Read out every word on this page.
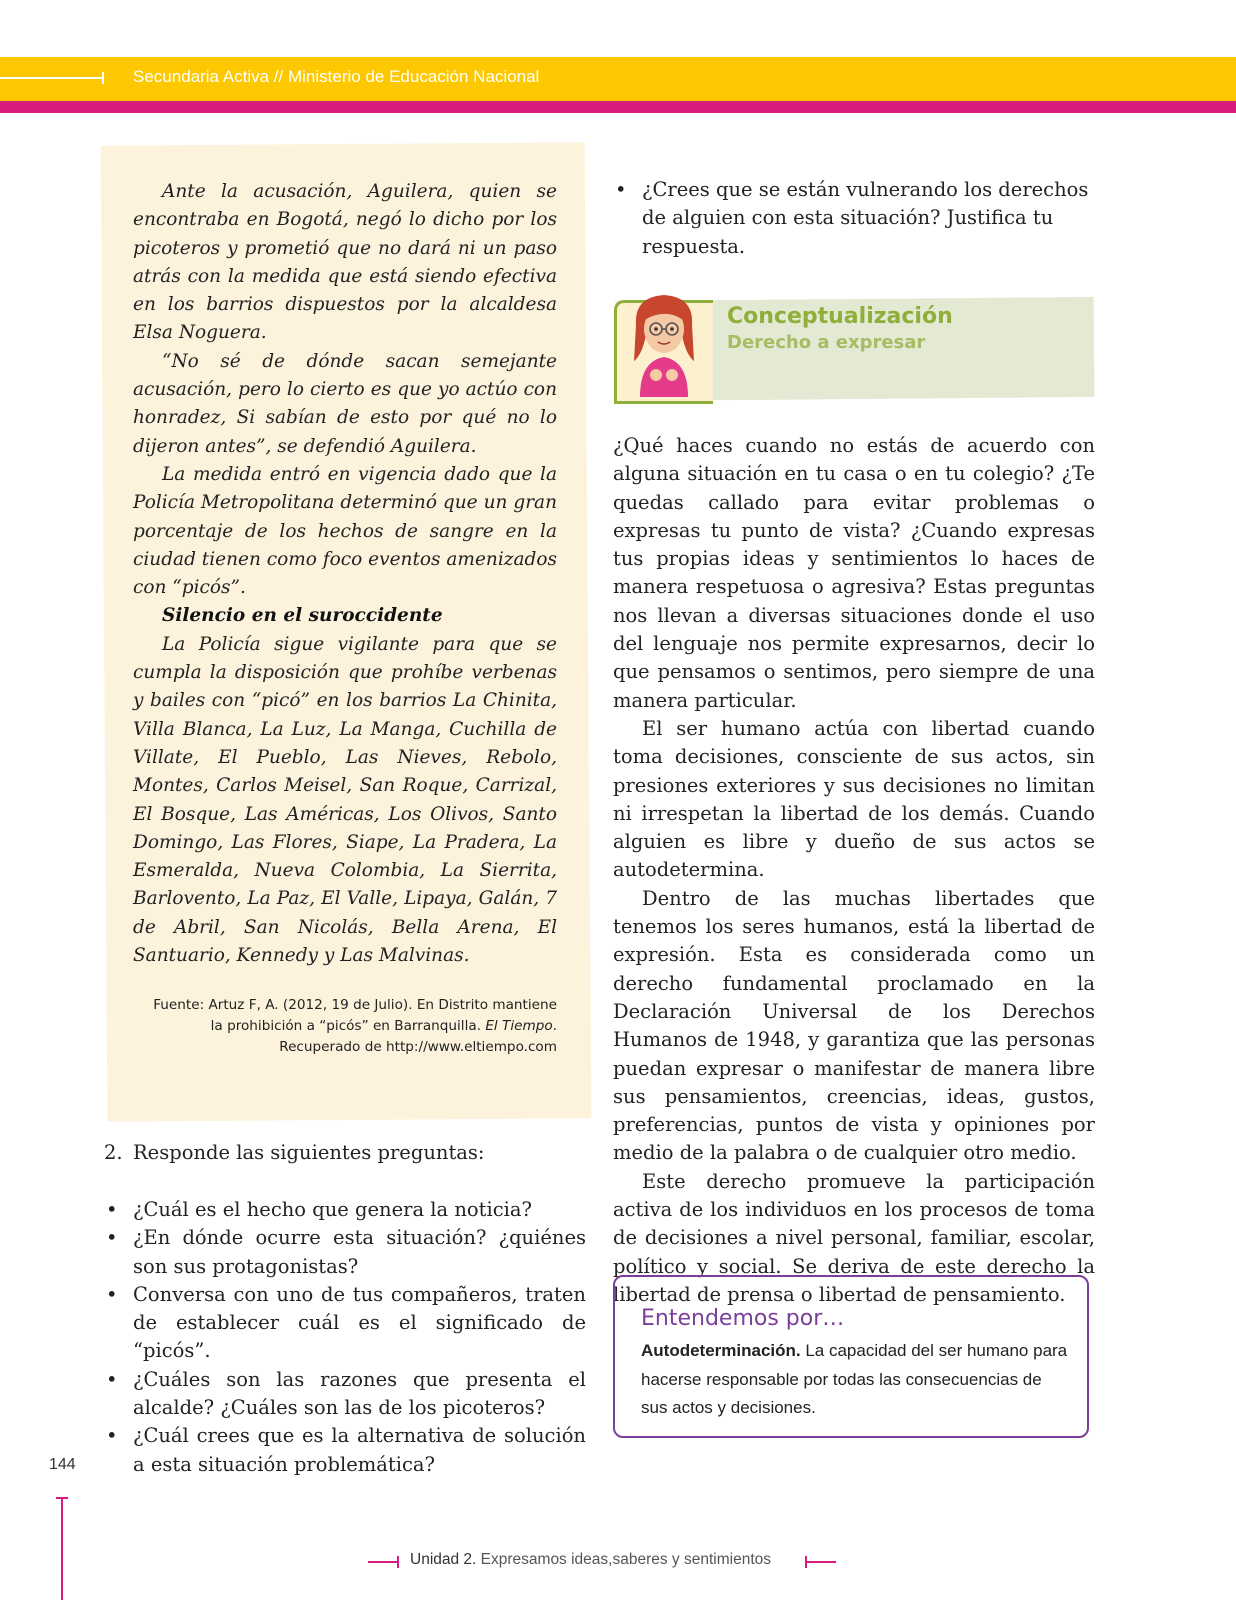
Secundaria Activa // Ministerio de Educación Nacional

Ante la acusación, Aguilera, quien se encontraba en Bogotá, negó lo dicho por los picoteros y prometió que no dará ni un paso atrás con la medida que está siendo efectiva en los barrios dispuestos por la alcaldesa Elsa Noguera.

“No sé de dónde sacan semejante acusación, pero lo cierto es que yo actúo con honradez, Si sabían de esto por qué no lo dijeron antes”, se defendió Aguilera.

La medida entró en vigencia dado que la Policía Metropolitana determinó que un gran porcentaje de los hechos de sangre en la ciudad tienen como foco eventos amenizados con “picós”.

Silencio en el suroccidente

La Policía sigue vigilante para que se cumpla la disposición que prohíbe verbenas y bailes con “picó” en los barrios La Chinita, Villa Blanca, La Luz, La Manga, Cuchilla de Villate, El Pueblo, Las Nieves, Rebolo, Montes, Carlos Meisel, San Roque, Carrizal, El Bosque, Las Américas, Los Olivos, Santo Domingo, Las Flores, Siape, La Pradera, La Esmeralda, Nueva Colombia, La Sierrita, Barlovento, La Paz, El Valle, Lipaya, Galán, 7 de Abril, San Nicolás, Bella Arena, El Santuario, Kennedy y Las Malvinas.

Fuente: Artuz F, A. (2012, 19 de Julio). En Distrito mantiene
la prohibición a “picós” en Barranquilla. El Tiempo.
Recuperado de http://www.eltiempo.com
2. Responde las siguientes preguntas:
• ¿Cuál es el hecho que genera la noticia?
• ¿En dónde ocurre esta situación? ¿quiénes son sus protagonistas?
• Conversa con uno de tus compañeros, traten de establecer cuál es el significado de “picós”.
• ¿Cuáles son las razones que presenta el alcalde? ¿Cuáles son las de los picoteros?
• ¿Cuál crees que es la alternativa de solución a esta situación problemática?
144
• ¿Crees que se están vulnerando los derechos de alguien con esta situación? Justifica tu respuesta.
Conceptualización
Derecho a expresar

¿Qué haces cuando no estás de acuerdo con alguna situación en tu casa o en tu colegio? ¿Te quedas callado para evitar problemas o expresas tu punto de vista? ¿Cuando expresas tus propias ideas y sentimientos lo haces de manera respetuosa o agresiva? Estas preguntas nos llevan a diversas situaciones donde el uso del lenguaje nos permite expresarnos, decir lo que pensamos o sentimos, pero siempre de una manera particular.

El ser humano actúa con libertad cuando toma decisiones, consciente de sus actos, sin presiones exteriores y sus decisiones no limitan ni irrespetan la libertad de los demás. Cuando alguien es libre y dueño de sus actos se autodetermina.

Dentro de las muchas libertades que tenemos los seres humanos, está la libertad de expresión. Esta es considerada como un derecho fundamental proclamado en la Declaración Universal de los Derechos Humanos de 1948, y garantiza que las personas puedan expresar o manifestar de manera libre sus pensamientos, creencias, ideas, gustos, preferencias, puntos de vista y opiniones por medio de la palabra o de cualquier otro medio.

Este derecho promueve la participación activa de los individuos en los procesos de toma de decisiones a nivel personal, familiar, escolar, político y social. Se deriva de este derecho la libertad de prensa o libertad de pensamiento.

Entendemos por…
Autodeterminación. La capacidad del ser humano para hacerse responsable por todas las consecuencias de sus actos y decisiones.
Unidad 2. Expresamos ideas,saberes y sentimientos
